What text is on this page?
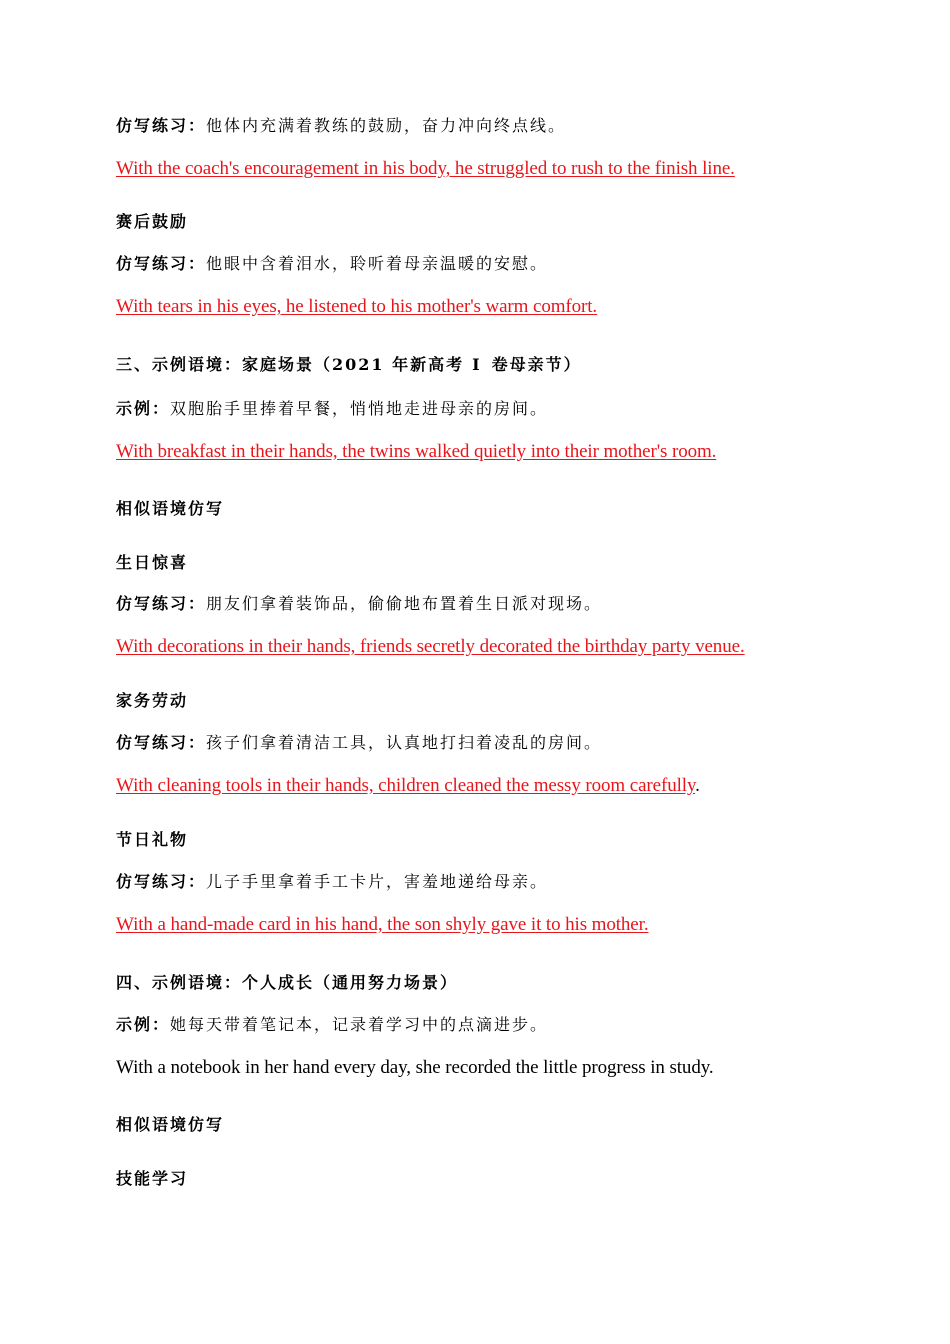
仿写练习：他体内充满着教练的鼓励，奋力冲向终点线。
With the coach's encouragement in his body, he struggled to rush to the finish line.
赛后鼓励
仿写练习：他眼中含着泪水，聆听着母亲温暖的安慰。
With tears in his eyes, he listened to his mother's warm comfort.
三、示例语境：家庭场景（2021 年新高考 Ⅰ 卷母亲节）
示例：双胞胎手里捧着早餐，悄悄地走进母亲的房间。
With breakfast in their hands, the twins walked quietly into their mother's room.
相似语境仿写
生日惊喜
仿写练习：朋友们拿着装饰品，偷偷地布置着生日派对现场。
With decorations in their hands, friends secretly decorated the birthday party venue.
家务劳动
仿写练习：孩子们拿着清洁工具，认真地打扫着凌乱的房间。
With cleaning tools in their hands, children cleaned the messy room carefully.
节日礼物
仿写练习：儿子手里拿着手工卡片，害羞地递给母亲。
With a hand-made card in his hand, the son shyly gave it to his mother.
四、示例语境：个人成长（通用努力场景）
示例：她每天带着笔记本，记录着学习中的点滴进步。
With a notebook in her hand every day, she recorded the little progress in study.
相似语境仿写
技能学习
